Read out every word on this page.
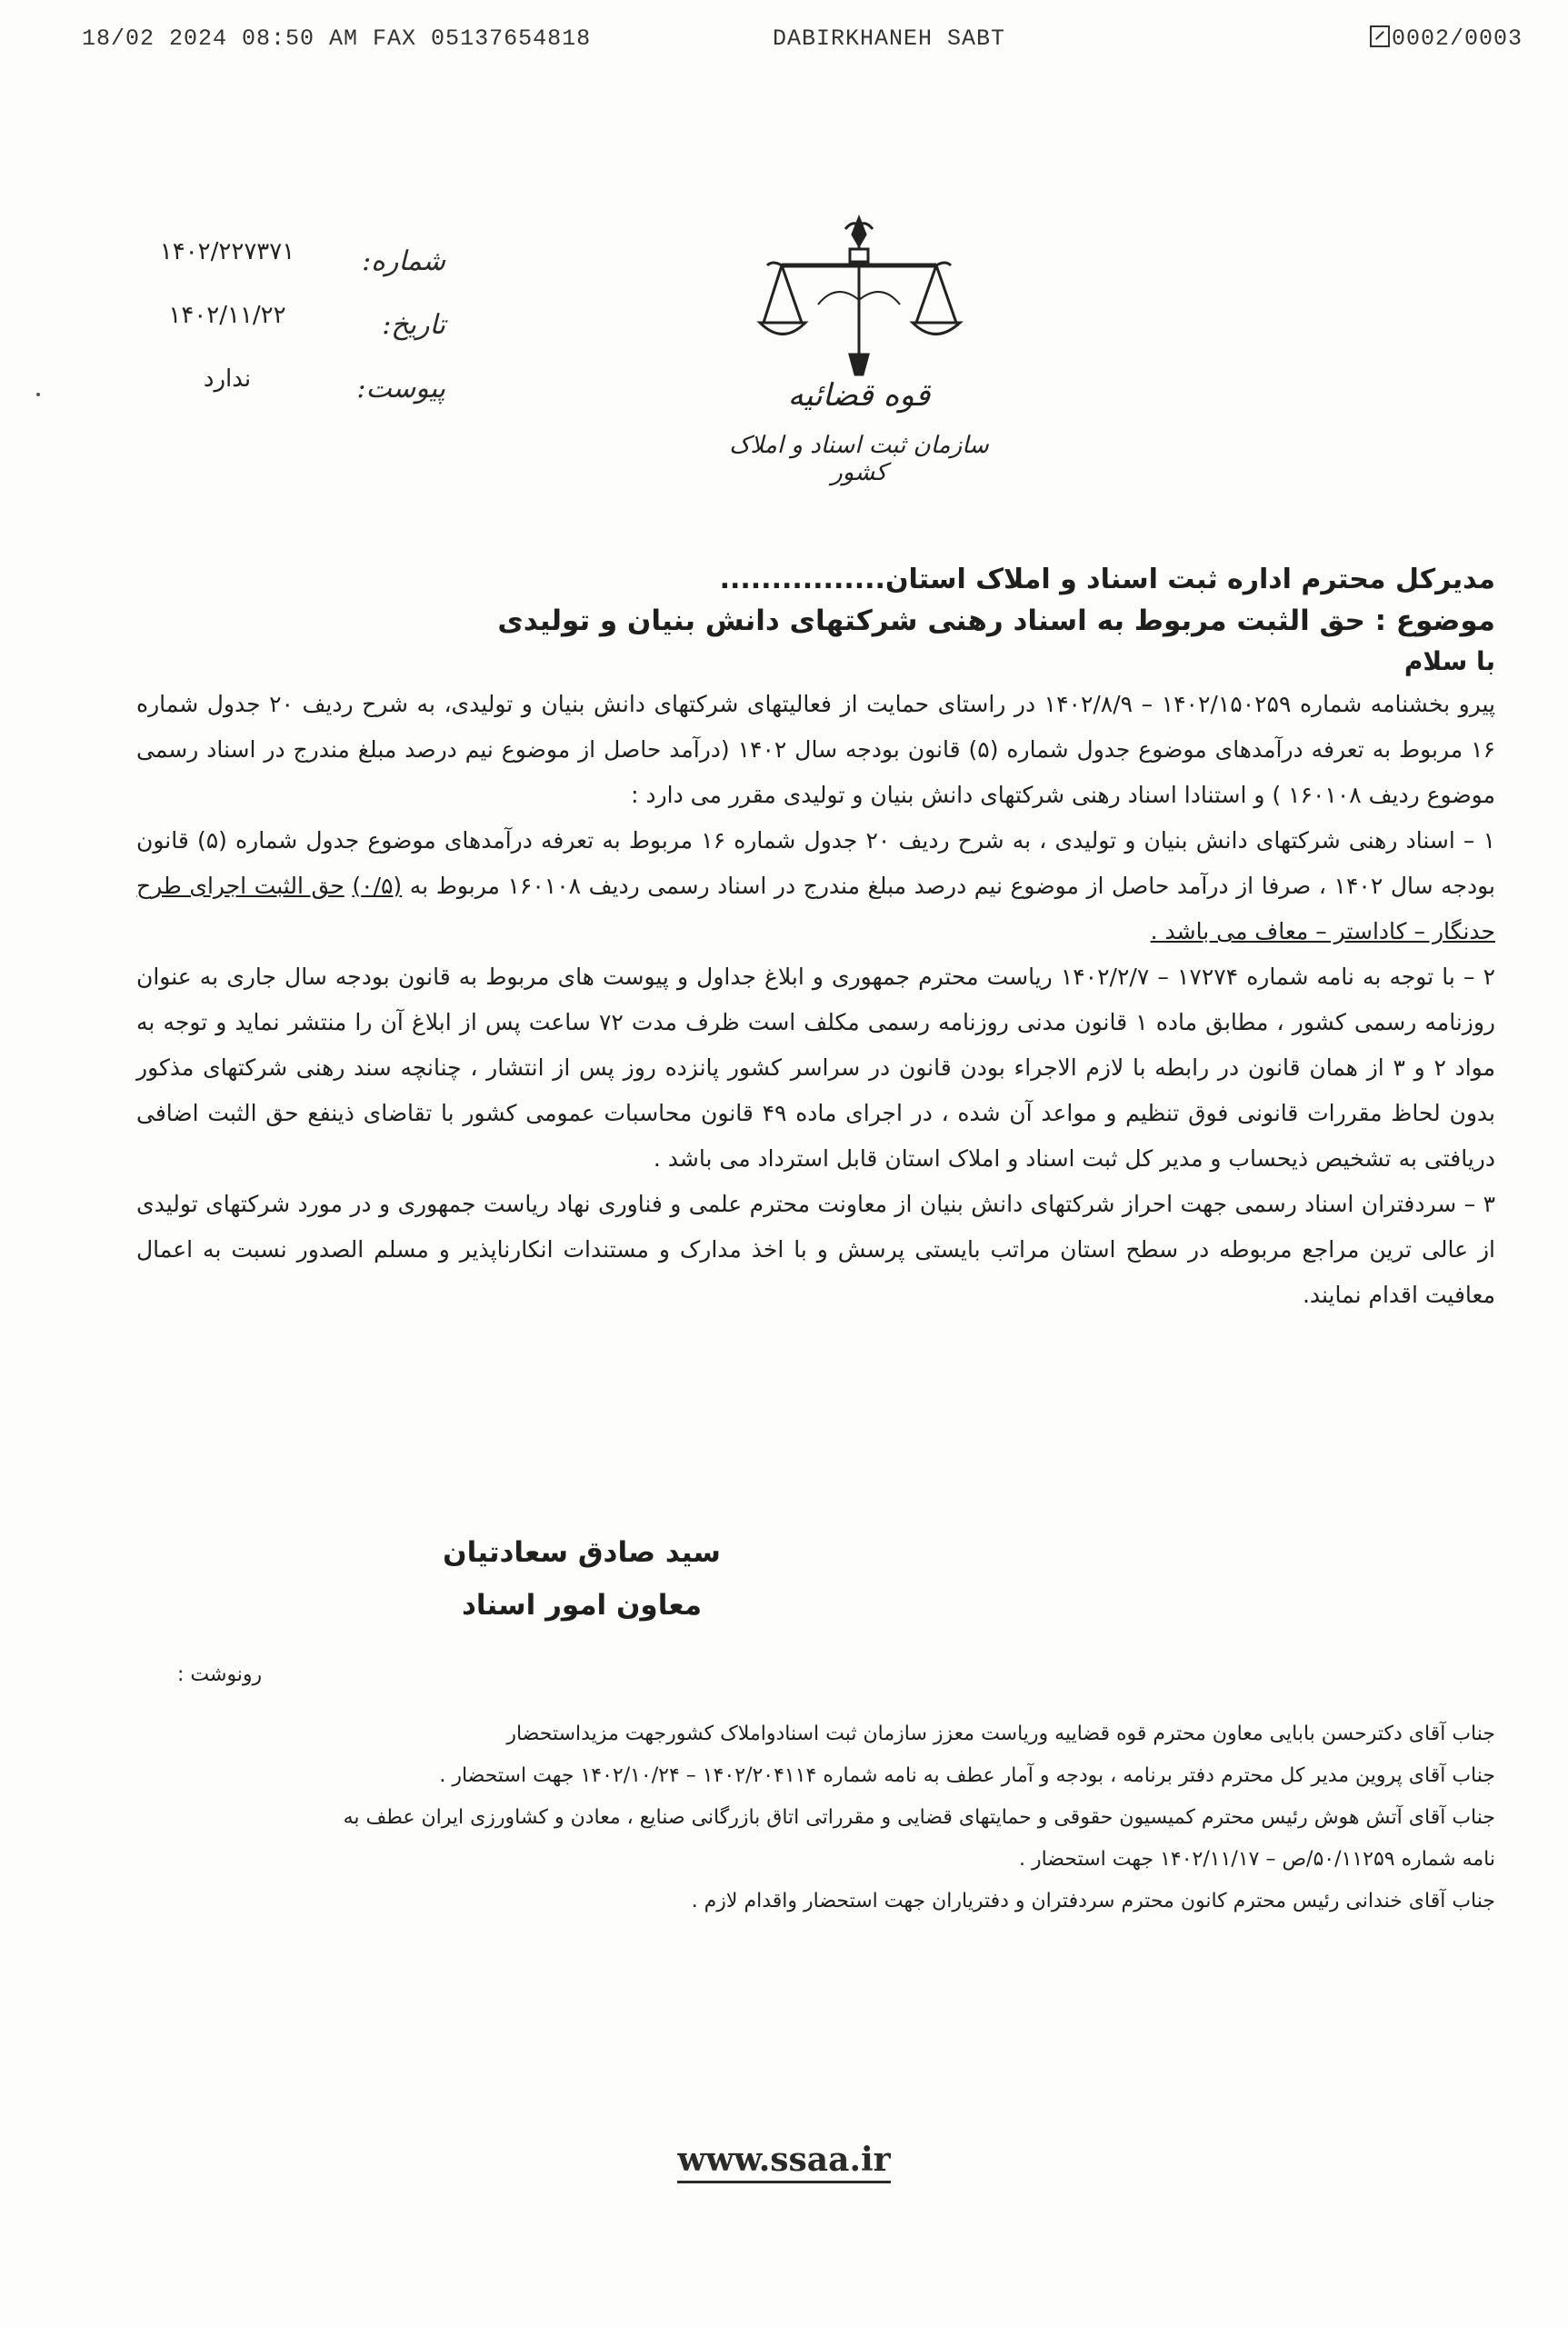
18/02 2024 08:50 AM FAX 05137654818	DABIRKHANEH SABT	0002/0003
شماره:
۱۴۰۲/۲۲۷۳۷۱
تاریخ:
۱۴۰۲/۱۱/۲۲
پیوست:
ندارد	قوه قضائیه
سازمان ثبت اسناد و املاک کشور

مدیرکل محترم اداره ثبت اسناد و املاک استان................

موضوع : حق الثبت مربوط به اسناد رهنی شرکتهای دانش بنیان و تولیدی

با سلام

پیرو بخشنامه شماره ۱۴۰۲/۱۵۰۲۵۹ – ۱۴۰۲/۸/۹ در راستای حمایت از فعالیتهای شرکتهای دانش بنیان و تولیدی، به شرح ردیف ۲۰ جدول شماره ۱۶ مربوط به تعرفه درآمدهای موضوع جدول شماره (۵) قانون بودجه سال ۱۴۰۲ (درآمد حاصل از موضوع نیم درصد مبلغ مندرج در اسناد رسمی موضوع ردیف ۱۶۰۱۰۸ ) و استنادا اسناد رهنی شرکتهای دانش بنیان و تولیدی مقرر می دارد :

۱ – اسناد رهنی شرکتهای دانش بنیان و تولیدی ، به شرح ردیف ۲۰ جدول شماره ۱۶ مربوط به تعرفه درآمدهای موضوع جدول شماره (۵) قانون بودجه سال ۱۴۰۲ ، صرفا از درآمد حاصل از موضوع نیم درصد مبلغ مندرج در اسناد رسمی ردیف ۱۶۰۱۰۸ مربوط به (۰/۵) حق الثبت اجرای طرح حدنگار – کاداستر – معاف می باشد .

۲ – با توجه به نامه شماره ۱۷۲۷۴ – ۱۴۰۲/۲/۷ ریاست محترم جمهوری و ابلاغ جداول و پیوست های مربوط به قانون بودجه سال جاری به عنوان روزنامه رسمی کشور ، مطابق ماده ۱ قانون مدنی روزنامه رسمی مکلف است ظرف مدت ۷۲ ساعت پس از ابلاغ آن را منتشر نماید و توجه به مواد ۲ و ۳ از همان قانون در رابطه با لازم الاجراء بودن قانون در سراسر کشور پانزده روز پس از انتشار ، چنانچه سند رهنی شرکتهای مذکور بدون لحاظ مقررات قانونی فوق تنظیم و مواعد آن شده ، در اجرای ماده ۴۹ قانون محاسبات عمومی کشور با تقاضای ذینفع حق الثبت اضافی دریافتی به تشخیص ذیحساب و مدیر کل ثبت اسناد و املاک استان قابل استرداد می باشد .

۳ – سردفتران اسناد رسمی جهت احراز شرکتهای دانش بنیان از معاونت محترم علمی و فناوری نهاد ریاست جمهوری و در مورد شرکتهای تولیدی از عالی ترین مراجع مربوطه در سطح استان مراتب بایستی پرسش و با اخذ مدارک و مستندات انکارناپذیر و مسلم الصدور نسبت به اعمال معافیت اقدام نمایند.

سید صادق سعادتیان

معاون امور اسناد

رونوشت :

جناب آقای دکترحسن بابایی معاون محترم قوه قضاییه وریاست معزز سازمان ثبت اسنادواملاک کشورجهت مزیداستحضار

جناب آقای پروین مدیر کل محترم دفتر برنامه ، بودجه و آمار عطف به نامه شماره ۱۴۰۲/۲۰۴۱۱۴ – ۱۴۰۲/۱۰/۲۴ جهت استحضار .

جناب آقای آتش هوش رئیس محترم کمیسیون حقوقی و حمایتهای قضایی و مقرراتی اتاق بازرگانی صنایع ، معادن و کشاورزی ایران عطف به

نامه شماره ۵۰/۱۱۲۵۹/ص – ۱۴۰۲/۱۱/۱۷ جهت استحضار .

جناب آقای خندانی رئیس محترم کانون محترم سردفتران و دفتریاران جهت استحضار واقدام لازم .

www.ssaa.ir
